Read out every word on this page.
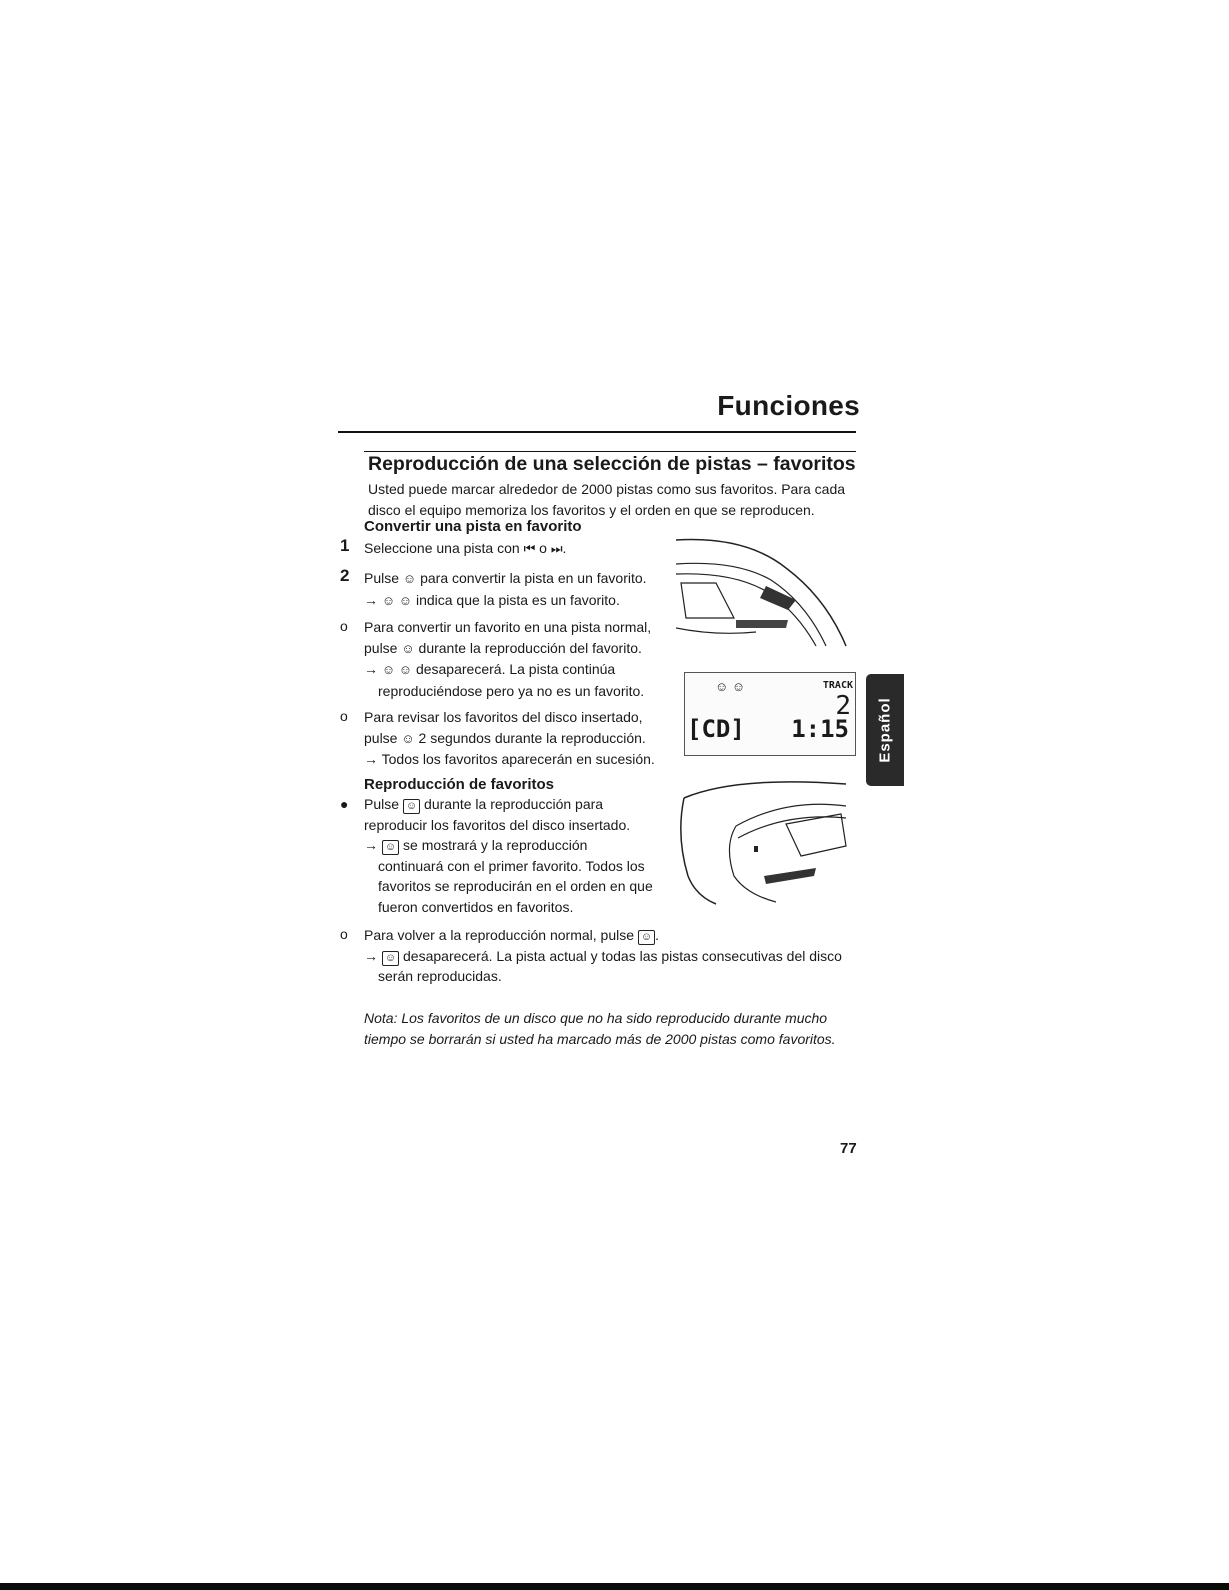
Funciones
Reproducción de una selección de pistas – favoritos
Usted puede marcar alrededor de 2000 pistas como sus favoritos. Para cada
disco el equipo memoriza los favoritos y el orden en que se reproducen.
Convertir una pista en favorito
1 Seleccione una pista con ⏮ o ⏭.
2 Pulse ☺ para convertir la pista en un favorito.
→ ☺ ☺ indica que la pista es un favorito.
o Para convertir un favorito en una pista normal,
pulse ☺ durante la reproducción del favorito.
→ ☺ ☺ desaparecerá. La pista continúa
reproduciéndose pero ya no es un favorito.
o Para revisar los favoritos del disco insertado,
pulse ☺ 2 segundos durante la reproducción.
→ Todos los favoritos aparecerán en sucesión.
Reproducción de favoritos
● Pulse ☺ durante la reproducción para
reproducir los favoritos del disco insertado.
→ ☺ se mostrará y la reproducción
continuará con el primer favorito. Todos los
favoritos se reproducirán en el orden en que
fueron convertidos en favoritos.
o Para volver a la reproducción normal, pulse ☺ .
→ ☺ desaparecerá. La pista actual y todas las pistas consecutivas del disco
serán reproducidas.
Nota: Los favoritos de un disco que no ha sido reproducido durante mucho
tiempo se borrarán si usted ha marcado más de 2000 pistas como favoritos.
☺ ☺	TRACK
2
[CD] 1:15 Español
77
